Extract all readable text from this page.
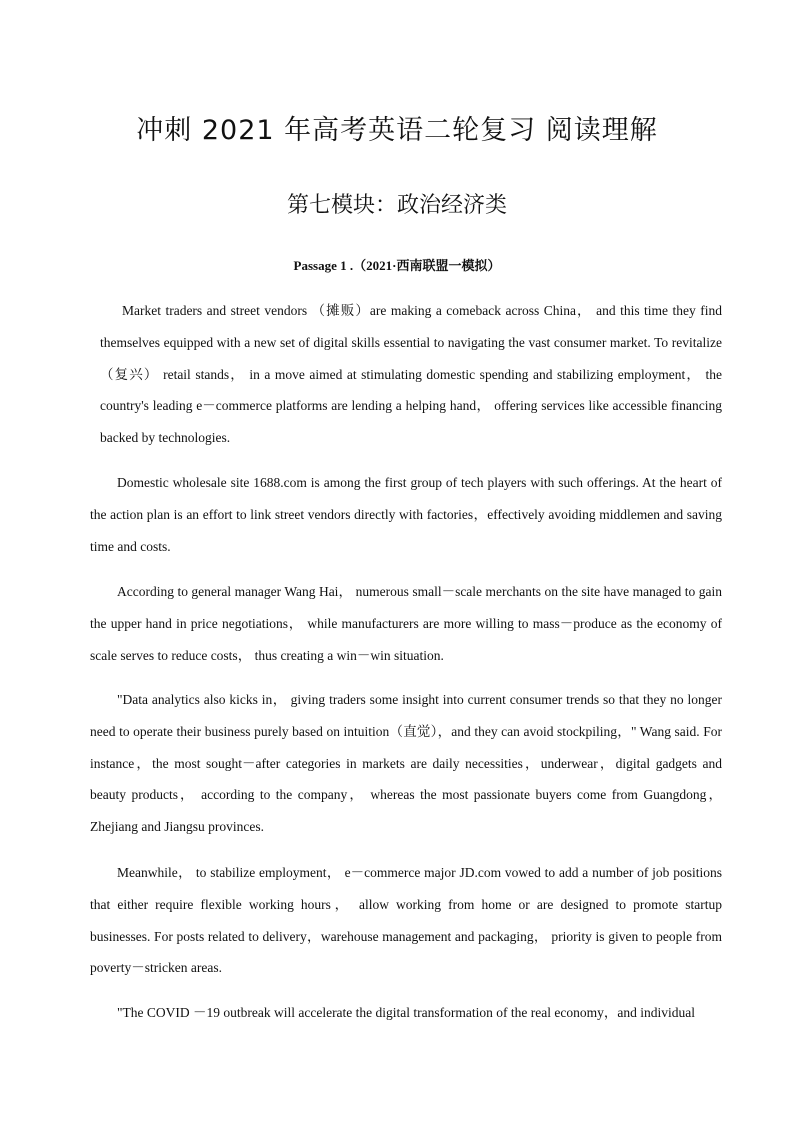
冲刺 2021 年高考英语二轮复习 阅读理解
第七模块：政治经济类
Passage 1 .（2021·西南联盟一模拟）

Market traders and street vendors （摊贩）are making a comeback across China， and this time they find themselves equipped with a new set of digital skills essential to navigating the vast consumer market. To revitalize （复兴） retail stands， in a move aimed at stimulating domestic spending and stabilizing employment， the country's leading e－commerce platforms are lending a helping hand， offering services like accessible financing backed by technologies.

Domestic wholesale site 1688.com is among the first group of tech players with such offerings. At the heart of the action plan is an effort to link street vendors directly with factories，effectively avoiding middlemen and saving time and costs.

According to general manager Wang Hai， numerous small－scale merchants on the site have managed to gain the upper hand in price negotiations， while manufacturers are more willing to mass－produce as the economy of scale serves to reduce costs， thus creating a win－win situation.

"Data analytics also kicks in， giving traders some insight into current consumer trends so that they no longer need to operate their business purely based on intuition（直觉），and they can avoid stockpiling，" Wang said. For instance，the most sought－after categories in markets are daily necessities，underwear，digital gadgets and beauty products， according to the company， whereas the most passionate buyers come from Guangdong， Zhejiang and Jiangsu provinces.

Meanwhile， to stabilize employment， e－commerce major JD.com vowed to add a number of job positions that either require flexible working hours， allow working from home or are designed to promote startup businesses. For posts related to delivery，warehouse management and packaging， priority is given to people from poverty－stricken areas.

"The COVID －19 outbreak will accelerate the digital transformation of the real economy，and individual
